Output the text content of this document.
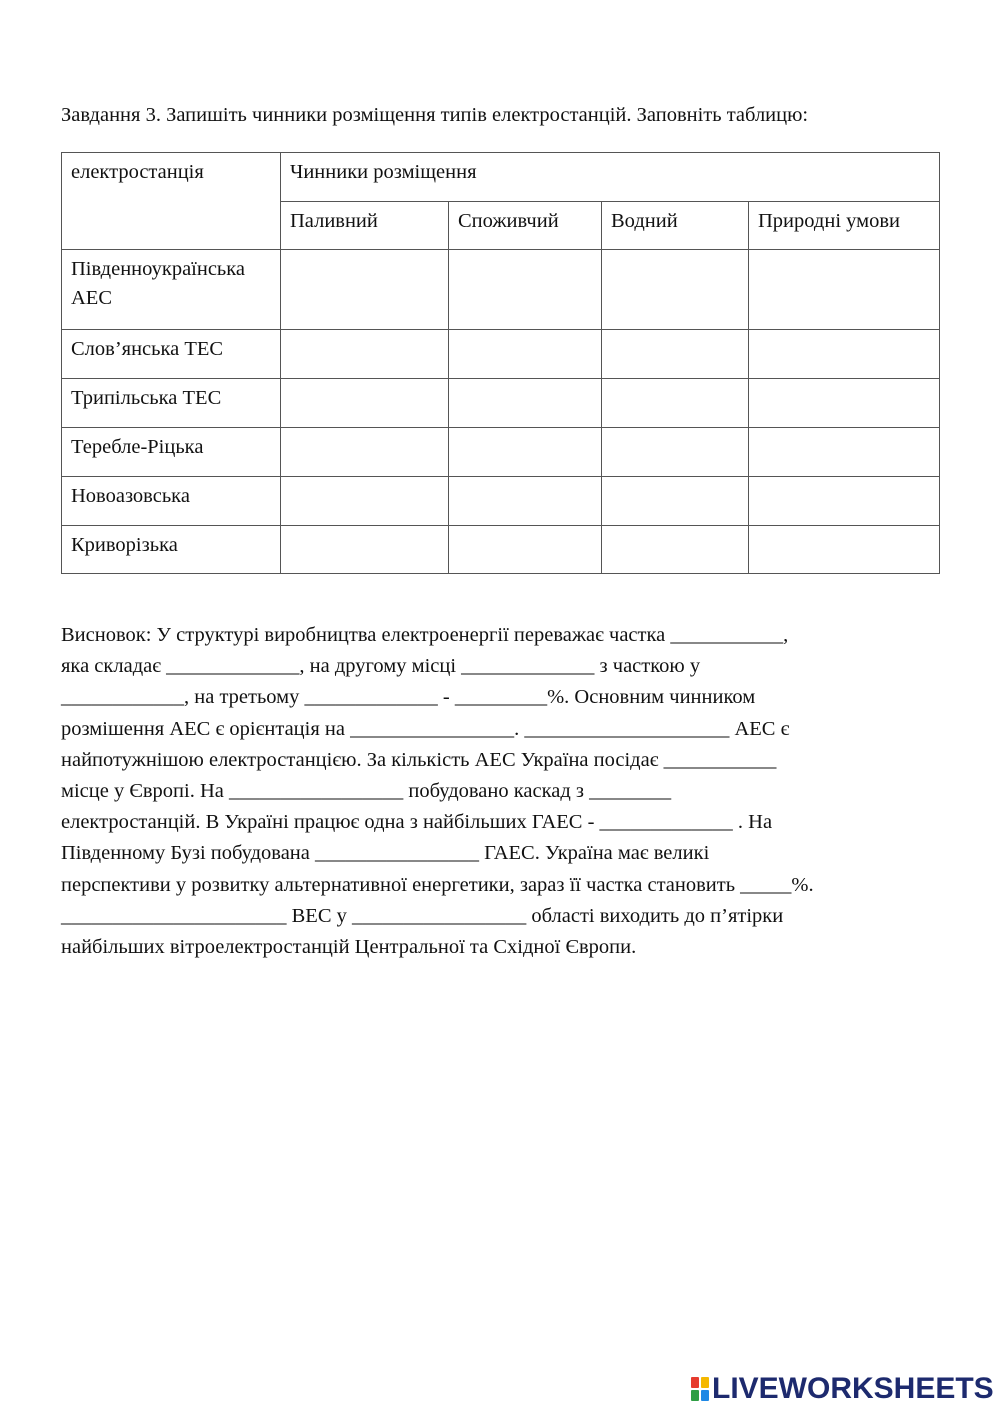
Завдання 3. Запишіть чинники розміщення типів електростанцій. Заповніть таблицю:
електростанція	Чинники розміщення			
	Паливний	Споживчий	Водний	Природні умови
Південноукраїнська АЕС				
Слов’янська ТЕС				
Трипільська ТЕС				
Теребле-Ріцька				
Новоазовська				
Криворізька				
Висновок: У структурі виробництва електроенергії переважає частка ___________,
яка складає _____________, на другому місці _____________ з часткою у
____________, на третьому _____________ - _________%. Основним чинником
розмішення АЕС є орієнтація на ________________. ____________________ АЕС є
найпотужнішою електростанцією. За кількість АЕС Україна посідає ___________
місце у Європі. На _________________ побудовано каскад з ________
електростанцій. В Україні працює одна з найбільших ГАЕС - _____________ . На
Південному Бузі побудована ________________ ГАЕС. Україна має великі
перспективи у розвитку альтернативної енергетики, зараз її частка становить _____%.
______________________ ВЕС у _________________ області виходить до п’ятірки
найбільших вітроелектростанцій Центральної та Східної Європи.
LIVEWORKSHEETS
